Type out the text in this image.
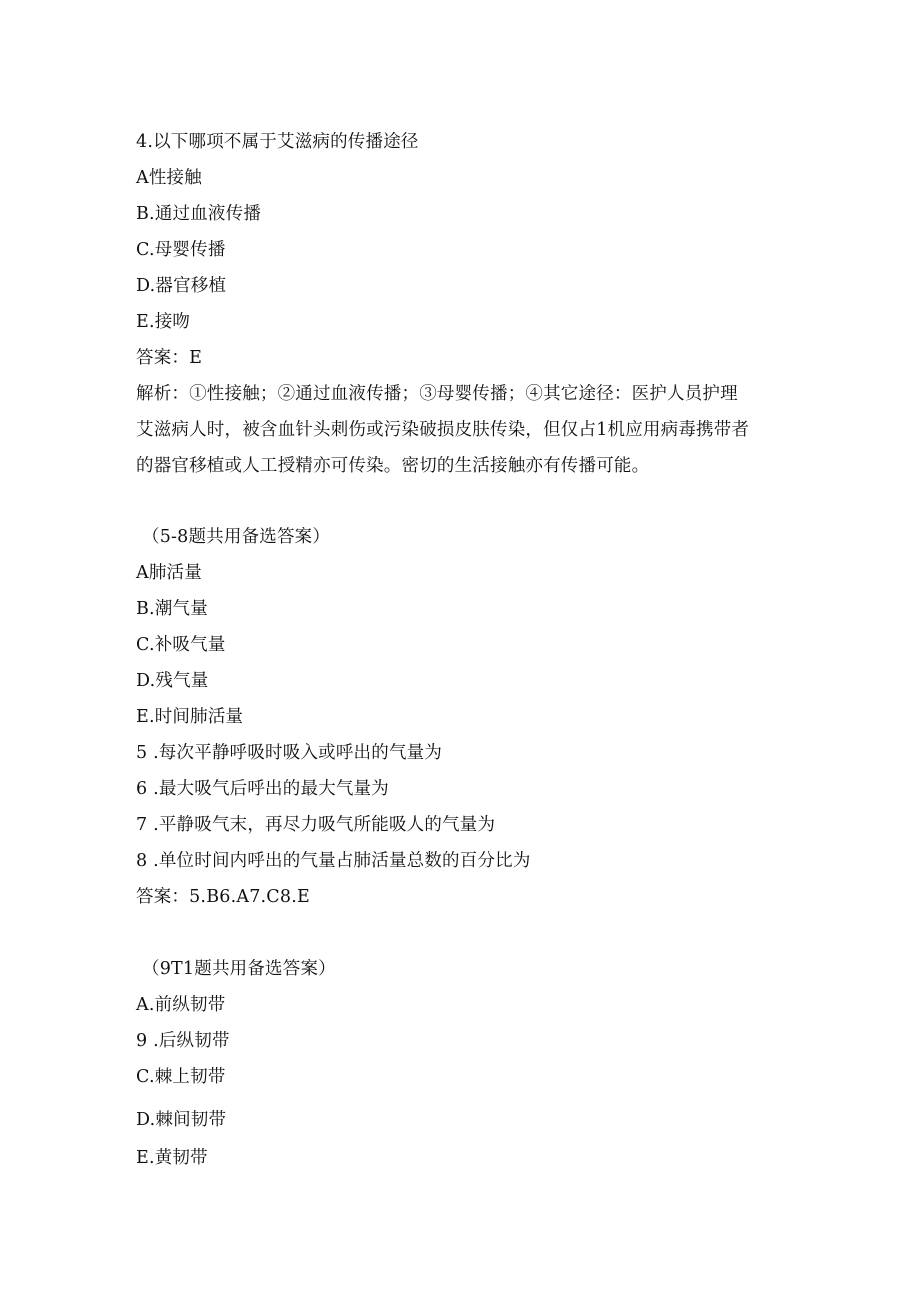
4.以下哪项不属于艾滋病的传播途径
A性接触
B.通过血液传播
C.母婴传播
D.器官移植
E.接吻
答案：E
解析：①性接触；②通过血液传播；③母婴传播；④其它途径：医护人员护理
艾滋病人时，被含血针头刺伤或污染破损皮肤传染，但仅占1机应用病毒携带者
的器官移植或人工授精亦可传染。密切的生活接触亦有传播可能。
（5-8题共用备选答案）
A肺活量
B.潮气量
C.补吸气量
D.残气量
E.时间肺活量
5 .每次平静呼吸时吸入或呼出的气量为
6 .最大吸气后呼出的最大气量为
7 .平静吸气末，再尽力吸气所能吸人的气量为
8 .单位时间内呼出的气量占肺活量总数的百分比为
答案：5.B6.A7.C8.E
（9T1题共用备选答案）
A.前纵韧带
9 .后纵韧带
C.棘上韧带
D.棘间韧带
E.黄韧带
